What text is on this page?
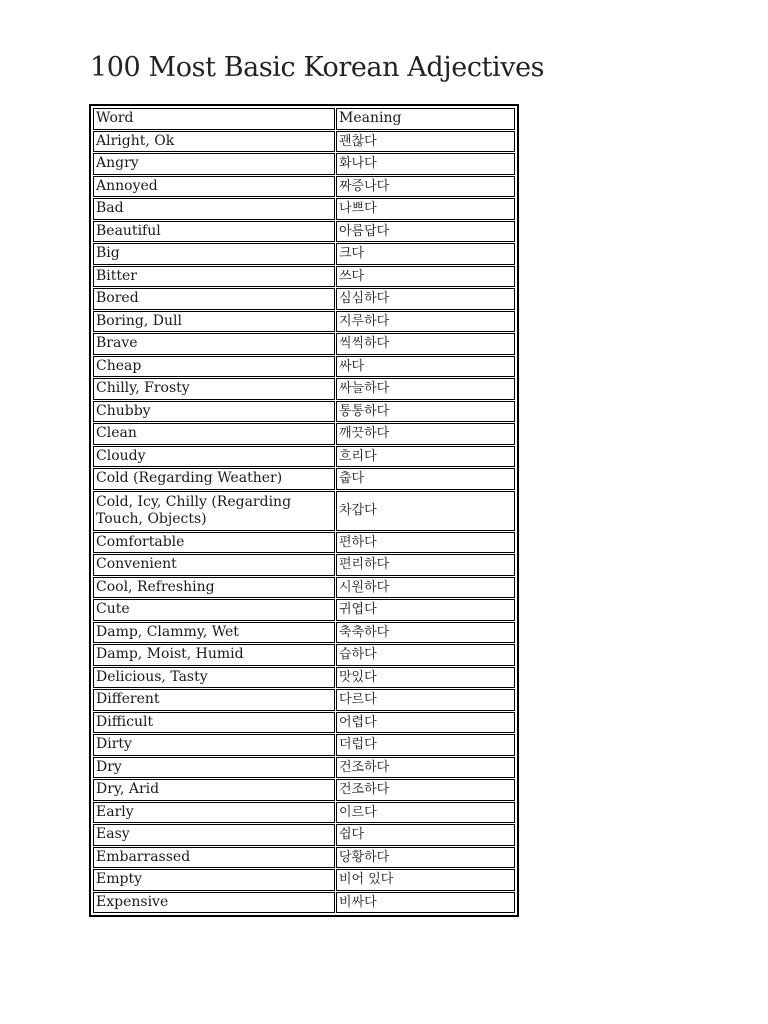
100 Most Basic Korean Adjectives
Word	Meaning
Alright, Ok	괜찮다
Angry	화나다
Annoyed	짜증나다
Bad	나쁘다
Beautiful	아름답다
Big	크다
Bitter	쓰다
Bored	심심하다
Boring, Dull	지루하다
Brave	씩씩하다
Cheap	싸다
Chilly, Frosty	싸늘하다
Chubby	통통하다
Clean	깨끗하다
Cloudy	흐리다
Cold (Regarding Weather)	춥다
Cold, Icy, Chilly (Regarding Touch, Objects)	차갑다
Comfortable	편하다
Convenient	편리하다
Cool, Refreshing	시원하다
Cute	귀엽다
Damp, Clammy, Wet	축축하다
Damp, Moist, Humid	습하다
Delicious, Tasty	맛있다
Different	다르다
Difficult	어렵다
Dirty	더럽다
Dry	건조하다
Dry, Arid	건조하다
Early	이르다
Easy	쉽다
Embarrassed	당황하다
Empty	비어 있다
Expensive	비싸다
